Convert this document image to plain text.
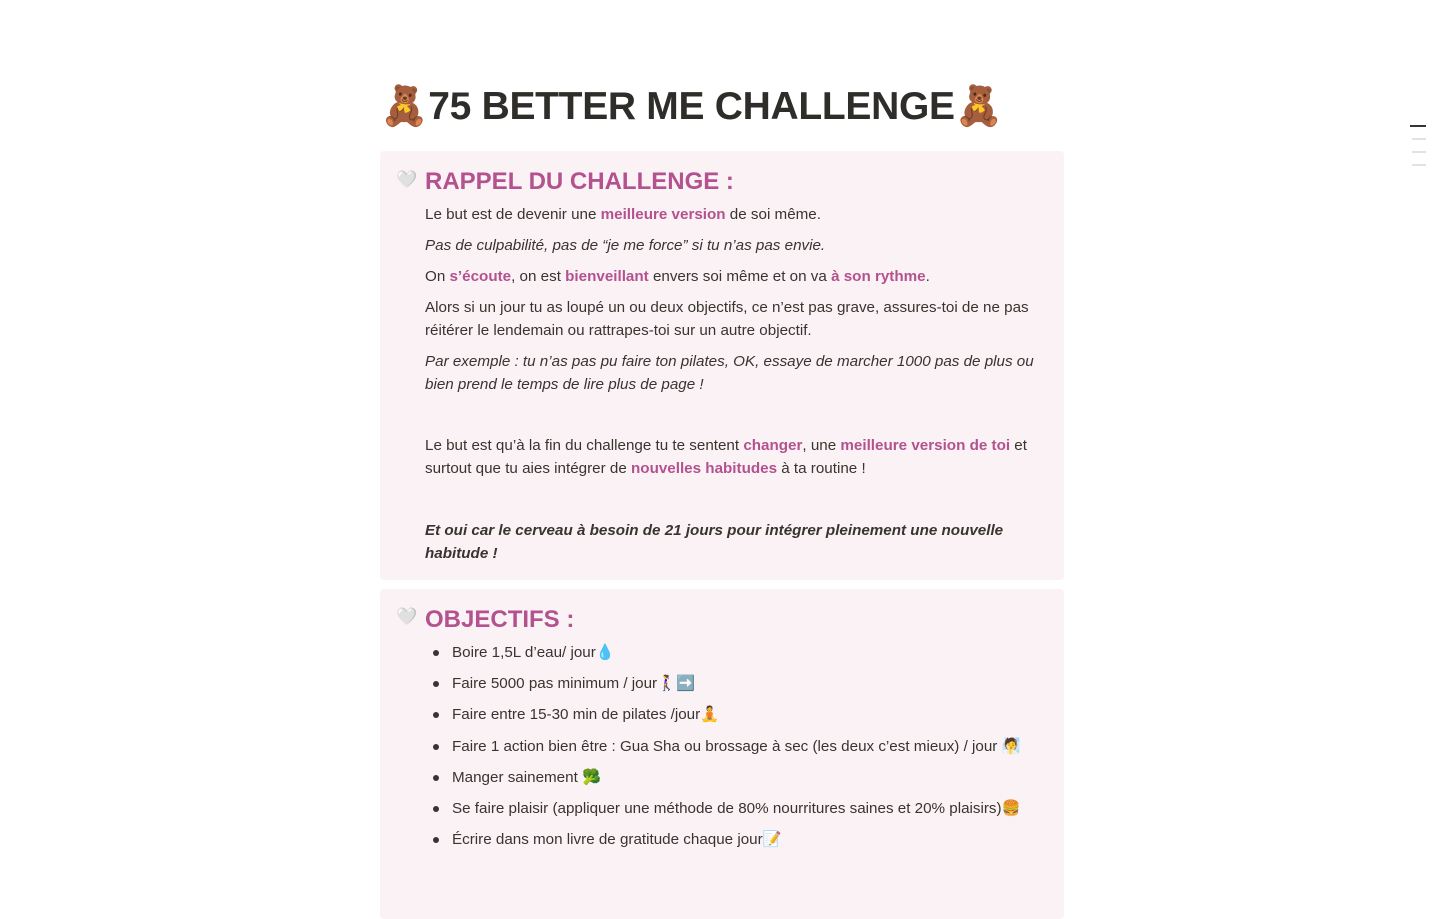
🧸75 BETTER ME CHALLENGE🧸
🤍 RAPPEL DU CHALLENGE :

Le but est de devenir une meilleure version de soi même.

Pas de culpabilité, pas de “je me force” si tu n’as pas envie.

On s’écoute, on est bienveillant envers soi même et on va à son rythme.

Alors si un jour tu as loupé un ou deux objectifs, ce n’est pas grave, assures-toi de ne pas réitérer le lendemain ou rattrapes-toi sur un autre objectif.

Par exemple : tu n’as pas pu faire ton pilates, OK, essaye de marcher 1000 pas de plus ou bien prend le temps de lire plus de page !

Le but est qu’à la fin du challenge tu te sentent changer, une meilleure version de toi et surtout que tu aies intégrer de nouvelles habitudes à ta routine !

Et oui car le cerveau à besoin de 21 jours pour intégrer pleinement une nouvelle habitude !

🤍 OBJECTIFS :
Boire 1,5L d’eau/ jour💧
Faire 5000 pas minimum / jour🚶‍♀️➡️
Faire entre 15-30 min de pilates /jour🧘
Faire 1 action bien être : Gua Sha ou brossage à sec (les deux c’est mieux) / jour 🧖
Manger sainement 🥦
Se faire plaisir (appliquer une méthode de 80% nourritures saines et 20% plaisirs)🍔
Écrire dans mon livre de gratitude chaque jour📝
